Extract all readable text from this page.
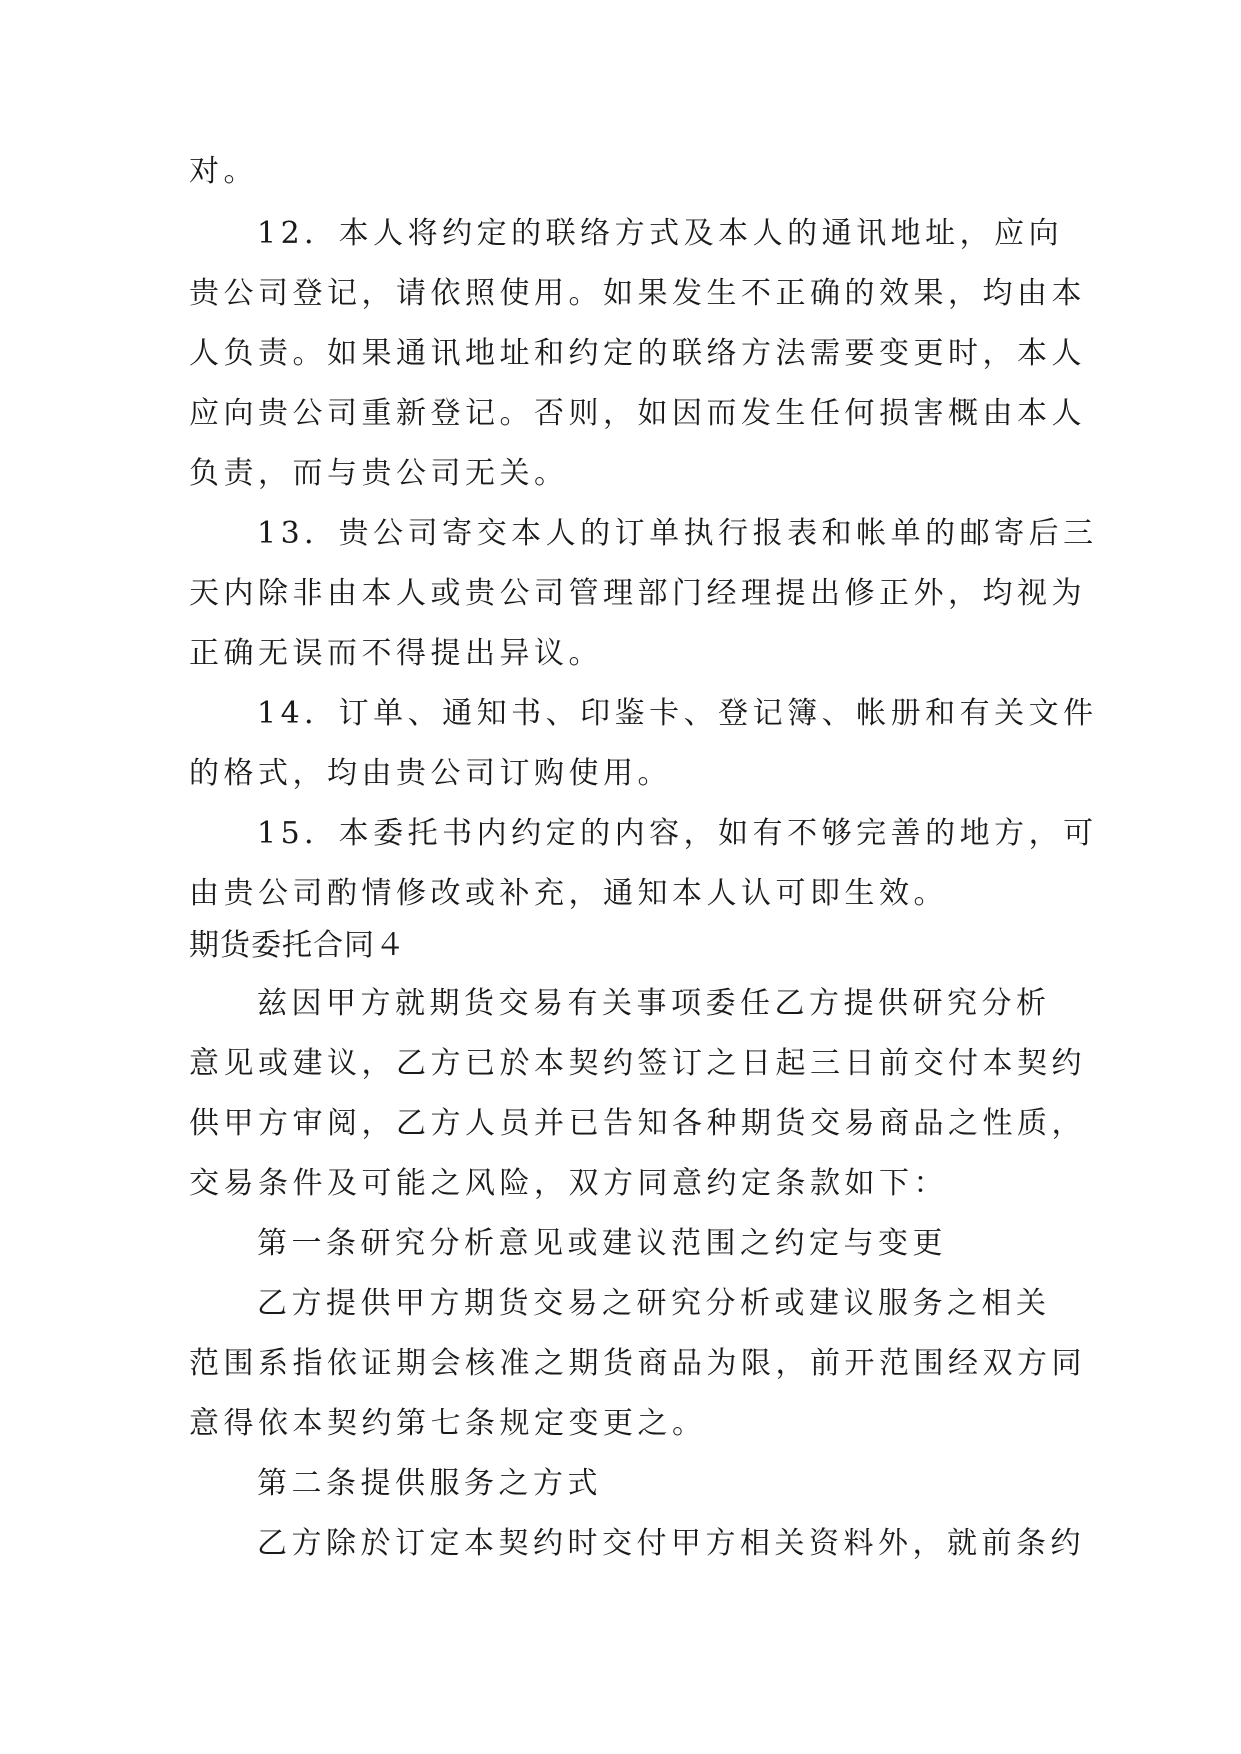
对。
12．本人将约定的联络方式及本人的通讯地址，应向
贵公司登记，请依照使用。如果发生不正确的效果，均由本
人负责。如果通讯地址和约定的联络方法需要变更时，本人
应向贵公司重新登记。否则，如因而发生任何损害概由本人
负责，而与贵公司无关。
13．贵公司寄交本人的订单执行报表和帐单的邮寄后三
天内除非由本人或贵公司管理部门经理提出修正外，均视为
正确无误而不得提出异议。
14．订单、通知书、印鉴卡、登记簿、帐册和有关文件
的格式，均由贵公司订购使用。
15．本委托书内约定的内容，如有不够完善的地方，可
由贵公司酌情修改或补充，通知本人认可即生效。
期货委托合同４
兹因甲方就期货交易有关事项委任乙方提供研究分析
意见或建议，乙方已於本契约签订之日起三日前交付本契约
供甲方审阅，乙方人员并已告知各种期货交易商品之性质，
交易条件及可能之风险，双方同意约定条款如下：
第一条研究分析意见或建议范围之约定与变更
乙方提供甲方期货交易之研究分析或建议服务之相关
范围系指依证期会核准之期货商品为限，前开范围经双方同
意得依本契约第七条规定变更之。
第二条提供服务之方式
乙方除於订定本契约时交付甲方相关资料外，就前条约
